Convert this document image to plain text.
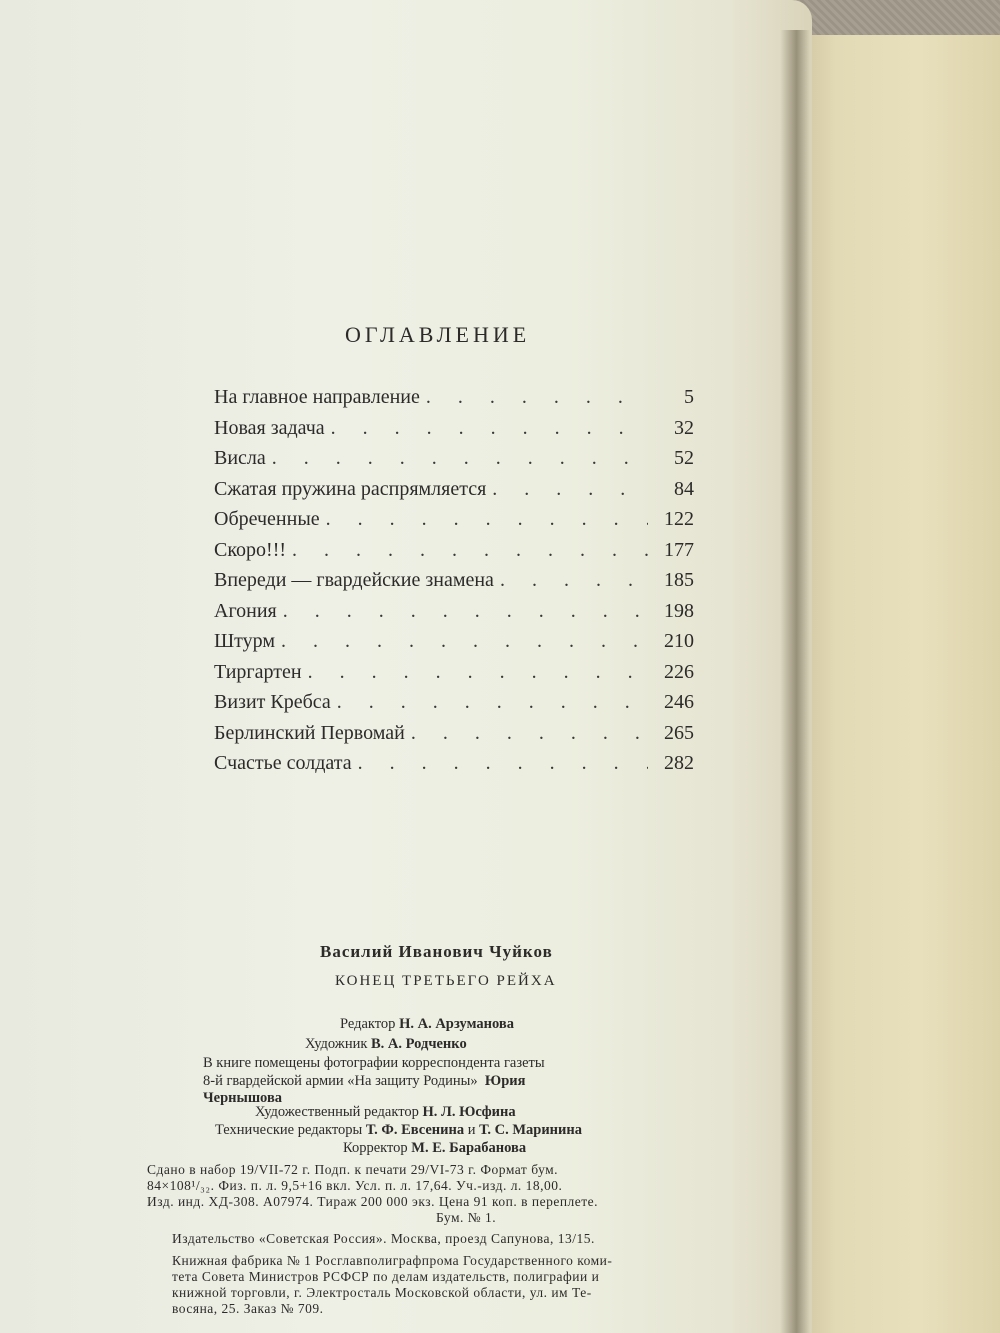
ОГЛАВЛЕНИЕ
На главное направление . . .	5
Новая задача . . .	32
Висла . . .	52
Сжатая пружина распрямляется . . .	84
Обреченные . . .	122
Скоро!!! . . .	177
Впереди — гвардейские знамена . . .	185
Агония . . .	198
Штурм . . .	210
Тиргартен . . .	226
Визит Кребса . . .	246
Берлинский Первомай . . .	265
Счастье солдата . . .	282
Василий Иванович Чуйков
КОНЕЦ ТРЕТЬЕГО РЕЙХА
Редактор Н. А. Арзуманова
Художник В. А. Родченко
В книге помещены фотографии корреспондента газеты
8-й гвардейской армии «На защиту Родины» Юрия
Чернышова
Художественный редактор Н. Л. Юсфина
Технические редакторы Т. Ф. Евсенина и Т. С. Маринина
Корректор М. Е. Барабанова
Сдано в набор 19/VII-72 г. Подп. к печати 29/VI-73 г. Формат бум.
84×108¹/₃₂. Физ. п. л. 9,5+16 вкл. Усл. п. л. 17,64. Уч.-изд. л. 18,00.
Изд. инд. ХД-308. А07974. Тираж 200 000 экз. Цена 91 коп. в переплете.
Бум. № 1.
Издательство «Советская Россия». Москва, проезд Сапунова, 13/15.
Книжная фабрика № 1 Росглавполиграфпрома Государственного коми-
тета Совета Министров РСФСР по делам издательств, полиграфии и
книжной торговли, г. Электросталь Московской области, ул. им Те-
восяна, 25. Заказ № 709.
